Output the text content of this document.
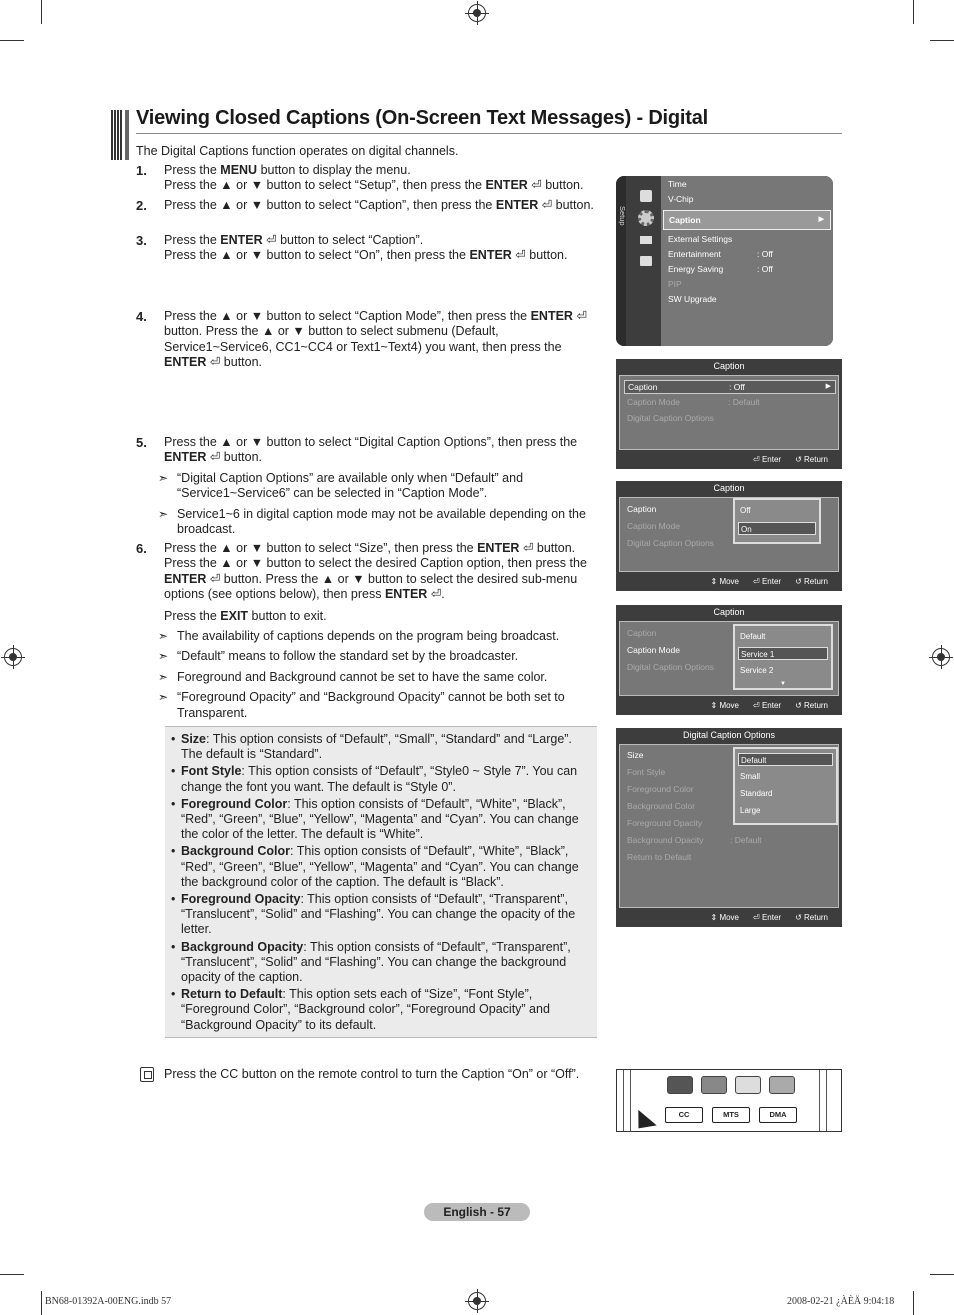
Viewing Closed Captions (On-Screen Text Messages) - Digital
The Digital Captions function operates on digital channels.
1. Press the MENU button to display the menu.
Press the ▲ or ▼ button to select “Setup”, then press the ENTER ⏎ button.
2. Press the ▲ or ▼ button to select “Caption”, then press the ENTER ⏎ button.
3. Press the ENTER ⏎ button to select “Caption”.
Press the ▲ or ▼ button to select “On”, then press the ENTER ⏎ button.
4. Press the ▲ or ▼ button to select “Caption Mode”, then press the ENTER ⏎ button. Press the ▲ or ▼ button to select submenu (Default, Service1~Service6, CC1~CC4 or Text1~Text4) you want, then press the ENTER ⏎ button.
5. Press the ▲ or ▼ button to select “Digital Caption Options”, then press the ENTER ⏎ button.
➣ “Digital Caption Options” are available only when “Default” and “Service1~Service6” can be selected in “Caption Mode”.
➣ Service1~6 in digital caption mode may not be available depending on the broadcast.
6. Press the ▲ or ▼ button to select “Size”, then press the ENTER ⏎ button. Press the ▲ or ▼ button to select the desired Caption option, then press the ENTER ⏎ button. Press the ▲ or ▼ button to select the desired sub-menu options (see options below), then press ENTER ⏎.
Press the EXIT button to exit.
➣ The availability of captions depends on the program being broadcast.
➣ “Default” means to follow the standard set by the broadcaster.
➣ Foreground and Background cannot be set to have the same color.
➣ “Foreground Opacity” and “Background Opacity” cannot be both set to Transparent.
• Size: This option consists of “Default”, “Small”, “Standard” and “Large”. The default is “Standard”.
• Font Style: This option consists of “Default”, “Style0 ~ Style 7”. You can change the font you want. The default is “Style 0”.
• Foreground Color: This option consists of “Default”, “White”, “Black”, “Red”, “Green”, “Blue”, “Yellow”, “Magenta” and “Cyan”. You can change the color of the letter. The default is “White”.
• Background Color: This option consists of “Default”, “White”, “Black”, “Red”, “Green”, “Blue”, “Yellow”, “Magenta” and “Cyan”. You can change the background color of the caption. The default is “Black”.
• Foreground Opacity: This option consists of “Default”, “Transparent”, “Translucent”, “Solid” and “Flashing”. You can change the opacity of the letter.
• Background Opacity: This option consists of “Default”, “Transparent”, “Translucent”, “Solid” and “Flashing”. You can change the background opacity of the caption.
• Return to Default: This option sets each of “Size”, “Font Style”, “Foreground Color”, “Background color”, “Foreground Opacity” and “Background Opacity” to its default.
Press the CC button on the remote control to turn the Caption “On” or “Off”.
Setup
Time
V-Chip
Caption	▶
External Settings
Entertainment	: Off
Energy Saving	: Off
PIP
SW Upgrade
Caption
Caption	: Off	▶
Caption Mode	: Default
Digital Caption Options
⏎ Enter ↺ Return
Caption
Caption
Caption Mode
Digital Caption Options
Off
On
⇕ Move ⏎ Enter ↺ Return
Caption
Caption
Caption Mode
Digital Caption Options
Default
Service 1
Service 2
▼
⇕ Move ⏎ Enter ↺ Return
Digital Caption Options
Size
Font Style
Foreground Color
Background Color
Foreground Opacity
Background Opacity	: Default
Return to Default
Default
Small
Standard
Large
⇕ Move ⏎ Enter ↺ Return
CC	MTS	DMA
English - 57
BN68-01392A-00ENG.indb 57	2008-02-21 ¿ÀÈÄ 9:04:18
